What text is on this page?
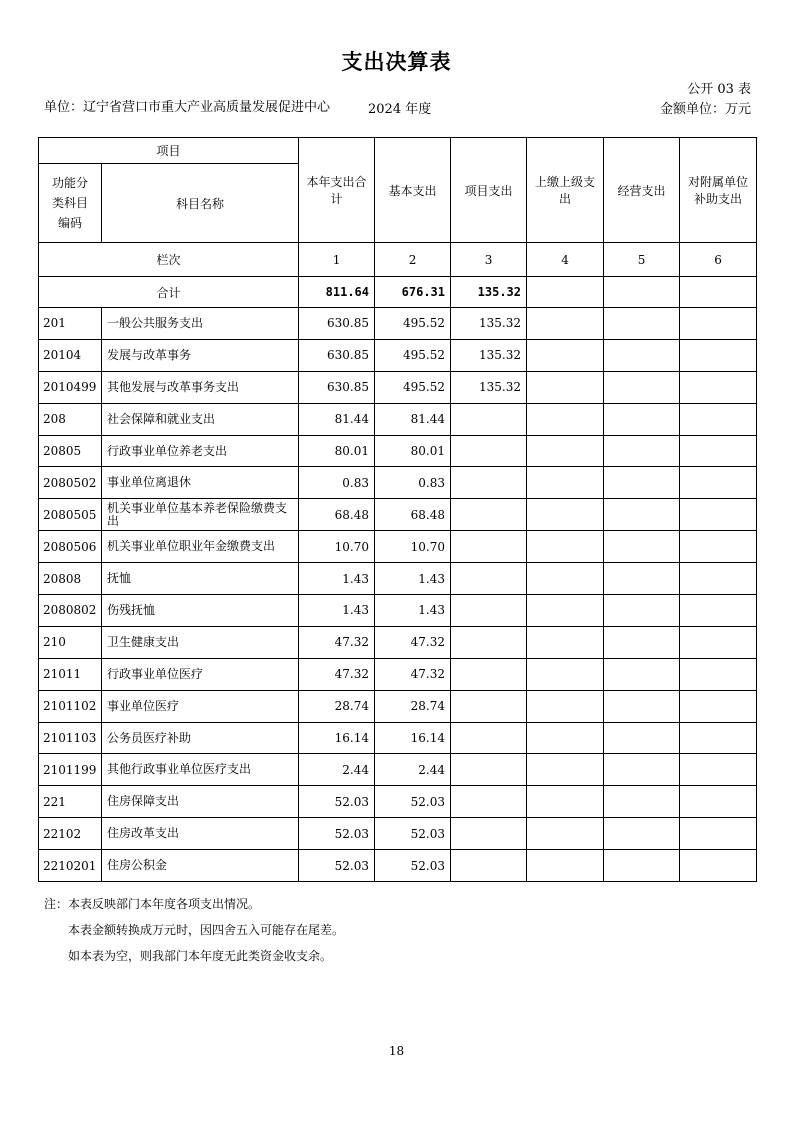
支出决算表
公开 03 表
单位：辽宁省营口市重大产业高质量发展促进中心	2024 年度	金额单位：万元
项目		本年支出合计	基本支出	项目支出	上缴上级支出	经营支出	对附属单位补助支出
功能分类科目编码	科目名称						
栏次		1	2	3	4	5	6
合计		811.64	676.31	135.32			
201	一般公共服务支出	630.85	495.52	135.32			
20104	发展与改革事务	630.85	495.52	135.32			
2010499	其他发展与改革事务支出	630.85	495.52	135.32			
208	社会保障和就业支出	81.44	81.44				
20805	行政事业单位养老支出	80.01	80.01				
2080502	事业单位离退休	0.83	0.83				
2080505	机关事业单位基本养老保险缴费支出	68.48	68.48				
2080506	机关事业单位职业年金缴费支出	10.70	10.70				
20808	抚恤	1.43	1.43				
2080802	伤残抚恤	1.43	1.43				
210	卫生健康支出	47.32	47.32				
21011	行政事业单位医疗	47.32	47.32				
2101102	事业单位医疗	28.74	28.74				
2101103	公务员医疗补助	16.14	16.14				
2101199	其他行政事业单位医疗支出	2.44	2.44				
221	住房保障支出	52.03	52.03				
22102	住房改革支出	52.03	52.03				
2210201	住房公积金	52.03	52.03				
注：本表反映部门本年度各项支出情况。
本表金额转换成万元时，因四舍五入可能存在尾差。
如本表为空，则我部门本年度无此类资金收支余。
18
